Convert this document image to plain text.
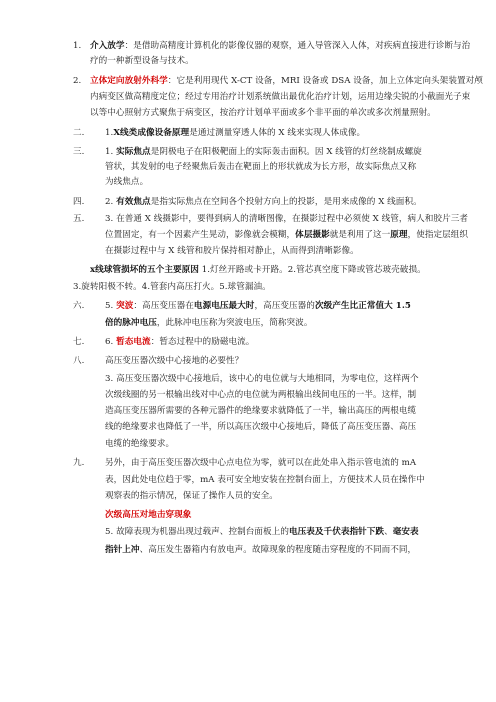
1. 介入放学：是借助高精度计算机化的影像仪器的观察，通入导管深入人体，对疾病直接进行诊断与治
疗的一种新型设备与技术。
2. 立体定向放射外科学：它是利用现代 X-CT 设备，MRI 设备或 DSA 设备，加上立体定向头架装置对颅
内病变区做高精度定位；经过专用治疗计划系统做出最优化治疗计划，运用边缘尖锐的小截面光子束
以等中心照射方式聚焦于病变区，按治疗计划单平面或多个非平面的单次或多次剂量照射。
二. 1.X线类成像设备原理是通过测量穿透人体的 X 线来实现人体成像。
三. 1. 实际焦点是阴极电子在阳极靶面上的实际轰击面积。因 X 线管的灯丝绕制成螺旋
管状，其发射的电子经聚焦后轰击在靶面上的形状就成为长方形，故实际焦点又称
为线焦点。
四. 2. 有效焦点是指实际焦点在空间各个投射方向上的投影，是用来成像的 X 线面积。
五. 3. 在普通 X 线摄影中，要得到病人的清晰图像，在摄影过程中必须使 X 线管，病人和胶片三者
位置固定，有一个因素产生晃动，影像就会模糊，体层摄影就是利用了这一原理，使指定层组织
在摄影过程中与 X 线管和胶片保持相对静止，从而得到清晰影像。
x线球管损坏的五个主要原因 1.灯丝开路或卡开路。2.管芯真空度下降或管芯玻壳破损。
3.旋转阳极不转。4.管套内高压打火。5.球管漏油。
六. 5. 突波：高压变压器在电源电压最大时，高压变压器的次级产生比正常值大 1.5
倍的脉冲电压，此脉冲电压称为突波电压，简称突波。
七. 6. 暂态电流：暂态过程中的励磁电流。
八. 高压变压器次级中心接地的必要性？
3. 高压变压器次级中心接地后，该中心的电位就与大地相同，为零电位，这样两个
次级线圈的另一根输出线对中心点的电位就为两根输出线间电压的一半。这样，制
造高压变压器所需要的各种元器件的绝缘要求就降低了一半，输出高压的两根电缆
线的绝缘要求也降低了一半，所以高压次级中心接地后，降低了高压变压器、高压
电缆的绝缘要求。
九. 另外，由于高压变压器次级中心点电位为零，就可以在此处串入指示管电流的 mA
表，因此处电位趋于零，mA 表可安全地安装在控制台面上，方便技术人员在操作中
观察表的指示情况，保证了操作人员的安全。
次级高压对地击穿现象
5. 故障表现为机器出现过载声、控制台面板上的电压表及千伏表指针下跌、毫安表
指针上冲、高压发生器箱内有放电声。故障现象的程度随击穿程度的不同而不同，
